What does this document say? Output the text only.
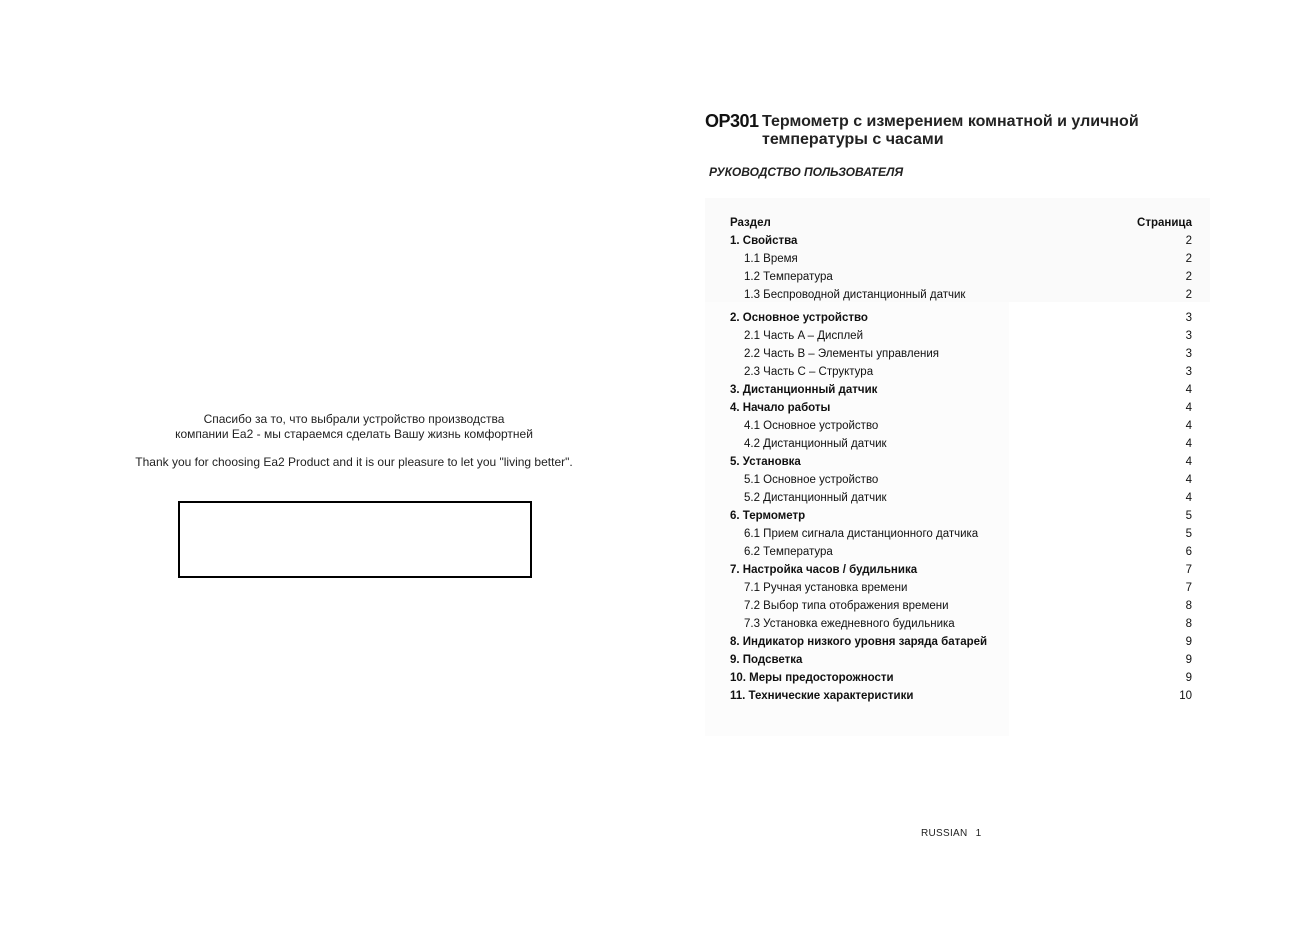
Спасибо за то, что выбрали устройство производства
компании Ea2 - мы стараемся сделать Вашу жизнь комфортней
Thank you for choosing Ea2 Product and it is our pleasure to let you "living better".
OP301 Термометр с измерением комнатной и уличной температуры с часами
РУКОВОДСТВО ПОЛЬЗОВАТЕЛЯ
Раздел	Страница
1. Свойства	2
1.1 Время	2
1.2 Температура	2
1.3 Беспроводной дистанционный датчик	2
2. Основное устройство	3
2.1 Часть A – Дисплей	3
2.2 Часть B – Элементы управления	3
2.3 Часть C – Структура	3
3. Дистанционный датчик	4
4. Начало работы	4
4.1 Основное устройство	4
4.2 Дистанционный датчик	4
5. Установка	4
5.1 Основное устройство	4
5.2 Дистанционный датчик	4
6. Термометр	5
6.1 Прием сигнала дистанционного датчика	5
6.2 Температура	6
7. Настройка часов / будильника	7
7.1 Ручная установка времени	7
7.2 Выбор типа отображения времени	8
7.3 Установка ежедневного будильника	8
8. Индикатор низкого уровня заряда батарей	9
9. Подсветка	9
10. Меры предосторожности	9
11. Технические характеристики	10
RUSSIAN 1
